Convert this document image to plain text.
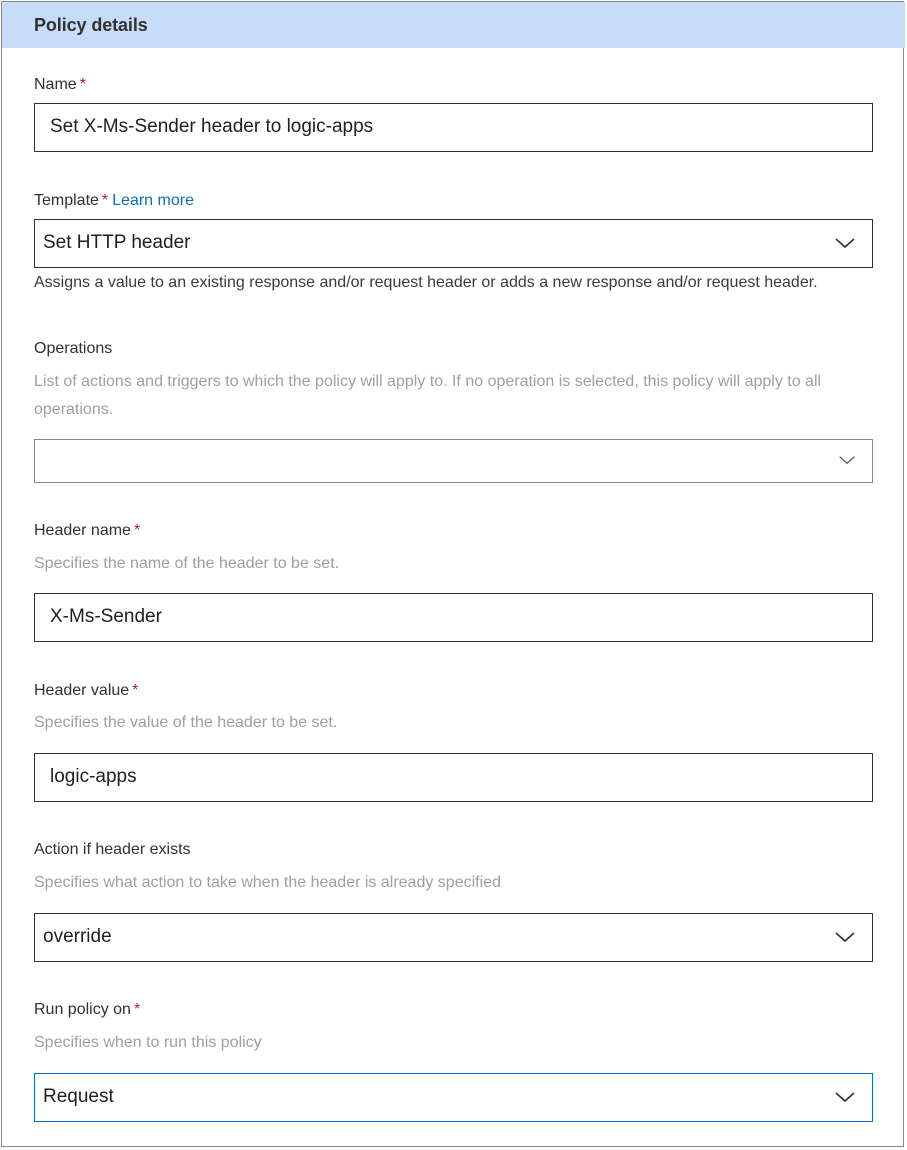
Policy details
Name *
Set X-Ms-Sender header to logic-apps
Template * Learn more
Set HTTP header
Assigns a value to an existing response and/or request header or adds a new response and/or request header.
Operations
List of actions and triggers to which the policy will apply to. If no operation is selected, this policy will apply to all operations.
Header name *
Specifies the name of the header to be set.
X-Ms-Sender
Header value *
Specifies the value of the header to be set.
logic-apps
Action if header exists
Specifies what action to take when the header is already specified
override
Run policy on *
Specifies when to run this policy
Request
